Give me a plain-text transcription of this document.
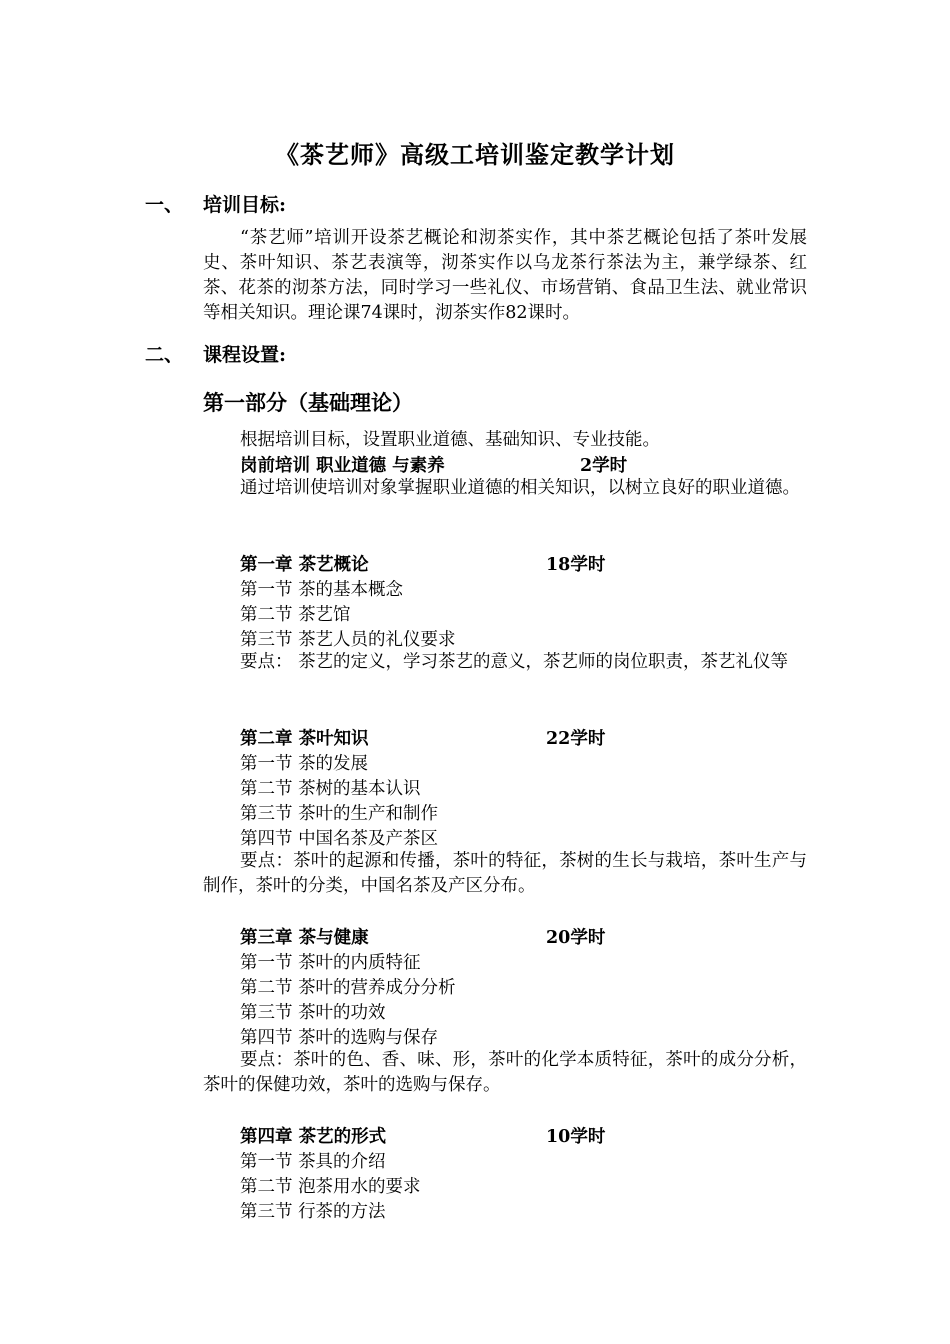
《茶艺师》高级工培训鉴定教学计划
一、 培训目标:
“茶艺师”培训开设茶艺概论和沏茶实作，其中茶艺概论包括了茶叶发展史、茶叶知识、茶艺表演等，沏茶实作以乌龙茶行茶法为主，兼学绿茶、红茶、花茶的沏茶方法，同时学习一些礼仪、市场营销、食品卫生法、就业常识等相关知识。理论课74课时，沏茶实作82课时。
二、 课程设置:
第一部分（基础理论）
根据培训目标，设置职业道德、基础知识、专业技能。
岗前培训 职业道德 与素养	2学时
通过培训使培训对象掌握职业道德的相关知识，以树立良好的职业道德。
第一章 茶艺概论	18学时
第一节 茶的基本概念
第二节 茶艺馆
第三节 茶艺人员的礼仪要求
要点： 茶艺的定义，学习茶艺的意义，茶艺师的岗位职责，茶艺礼仪等
第二章 茶叶知识	22学时
第一节 茶的发展
第二节 茶树的基本认识
第三节 茶叶的生产和制作
第四节 中国名茶及产茶区
要点：茶叶的起源和传播，茶叶的特征，茶树的生长与栽培，茶叶生产与制作，茶叶的分类，中国名茶及产区分布。
第三章 茶与健康	20学时
第一节 茶叶的内质特征
第二节 茶叶的营养成分分析
第三节 茶叶的功效
第四节 茶叶的选购与保存
要点：茶叶的色、香、味、形，茶叶的化学本质特征，茶叶的成分分析，茶叶的保健功效，茶叶的选购与保存。
第四章 茶艺的形式	10学时
第一节 茶具的介绍
第二节 泡茶用水的要求
第三节 行茶的方法
